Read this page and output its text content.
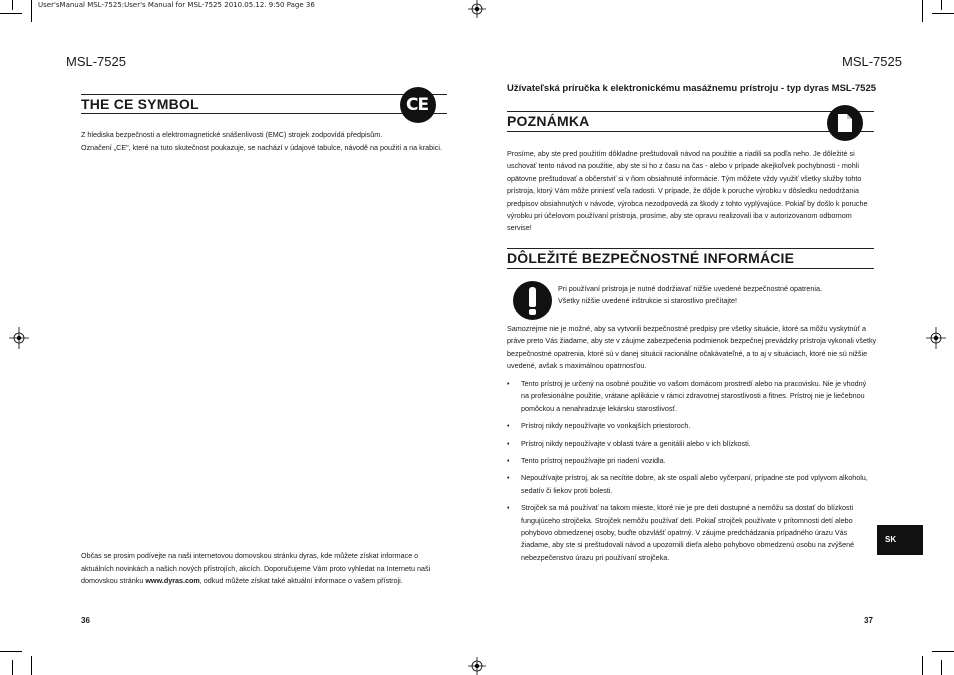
User'sManual MSL-7525:User's Manual for MSL-7525 2010.05.12. 9:50 Page 36
MSL-7525
THE CE SYMBOL	CE
Z hlediska bezpečnosti a elektromagnetické snášenlivosti (EMC) strojek zodpovídá předpisům.
Označení „CE", které na tuto skutečnost poukazuje, se nachází v údajové tabulce, návodě na použití a na krabici.
Občas se prosim podívejte na naši internetovou domovskou stránku dyras, kde můžete získat informace o
aktuálních novinkách a našich nových přístrojích, akcích. Doporučujeme Vám proto vyhledat na Internetu naši
domovskou stránku www.dyras.com, odkud můžete získat také aktuální informace o vašem přístroji.
36
MSL-7525
Užívateľská príručka k elektronickému masážnemu prístroju - typ dyras MSL-7525
POZNÁMKA
Prosíme, aby ste pred použitím dôkladne preštudovali návod na použitie a riadili sa podľa neho. Je dôležité si
uschovať tento návod na použitie, aby ste si ho z času na čas - alebo v prípade akejkoľvek pochybnosti - mohli
opätovne preštudovať a občerstviť si v ňom obsiahnuté informácie. Tým môžete vždy využiť všetky služby tohto
prístroja, ktorý Vám môže priniesť veľa radosti. V prípade, že dôjde k poruche výrobku v dôsledku nedodržania
predpisov obsiahnutých v návode, výrobca nezodpovedá za škody z tohto vyplývajúce. Pokiaľ by došlo k poruche
výrobku pri účelovom používaní prístroja, prosíme, aby ste opravu realizovali iba v autorizovanom odbornom
servise!
DÔLEŽITÉ BEZPEČNOSTNÉ INFORMÁCIE
Pri používaní prístroja je nutné dodržiavať nižšie uvedené bezpečnostné opatrenia.
Všetky nižšie uvedené inštrukcie si starostlivo prečítajte!
Samozrejme nie je možné, aby sa vytvorili bezpečnostné predpisy pre všetky situácie, ktoré sa môžu vyskytnúť a
práve preto Vás žiadame, aby ste v záujme zabezpečenia podmienok bezpečnej prevádzky prístroja vykonali všetky
bezpečnostné opatrenia, ktoré sú v danej situácii racionálne očakávateľné, a to aj v situáciach, ktoré nie sú nižšie
uvedené, avšak s maximálnou opatrnosťou.
• Tento prístroj je určený na osobné použitie vo vašom domácom prostredí alebo na pracovisku. Nie je vhodný
na profesionálne použitie, vrátane aplikácie v rámci zdravotnej starostlivosti a fitnes. Prístroj nie je liečebnou
pomôckou a nenahradzuje lekársku starostlivosť.
• Prístroj nikdy nepoužívajte vo vonkajších priestoroch.
• Prístroj nikdy nepoužívajte v oblasti tváre a genitálií alebo v ich blízkosti.
• Tento prístroj nepoužívajte pri riadení vozidla.
• Nepoužívajte prístroj, ak sa necítite dobre, ak ste ospalí alebo vyčerpaní, prípadne ste pod vplyvom alkoholu,
sedatív či liekov proti bolesti.
• Strojček sa má používať na takom mieste, ktoré nie je pre deti dostupné a nemôžu sa dostať do blízkosti
fungujúceho strojčeka. Strojček nemôžu používať deti. Pokiaľ strojček používate v prítomnosti detí alebo
pohybovo obmedzenej osoby, buďte obzvlášť opatrný. V záujme predchádzania prípadného úrazu Vás
žiadame, aby ste si preštudovali návod a upozornili dieťa alebo pohybovo obmedzenú osobu na zvýšené
nebezpečenstvo úrazu pri používaní strojčeka.
SK
37
